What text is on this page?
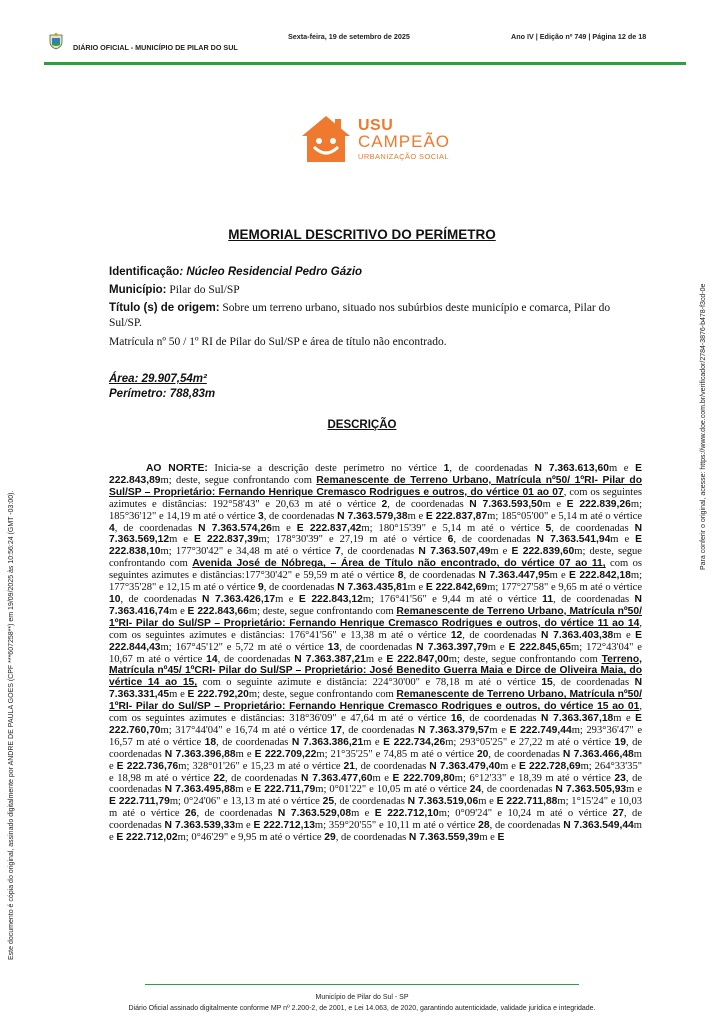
DIÁRIO OFICIAL - MUNICÍPIO DE PILAR DO SUL
Sexta-feira, 19 de setembro de 2025	Ano IV | Edição nº 749 | Página 12 de 18
USU
CAMPEÃO
URBANIZAÇÃO SOCIAL
MEMORIAL DESCRITIVO DO PERÍMETRO
Identificação: Núcleo Residencial Pedro Gázio
Município: Pilar do Sul/SP
Título (s) de origem: Sobre um terreno urbano, situado nos subúrbios deste município e comarca, Pilar do Sul/SP.
Matrícula nº 50 / 1º RI de Pilar do Sul/SP e área de título não encontrado.
Área: 29.907,54m²
Perímetro: 788,83m
DESCRIÇÃO
AO NORTE: Inicia-se a descrição deste perímetro no vértice 1, de coordenadas N 7.363.613,60m e E 222.843,89m; deste, segue confrontando com Remanescente de Terreno Urbano, Matrícula nº50/ 1ºRI- Pilar do Sul/SP – Proprietário: Fernando Henrique Cremasco Rodrigues e outros, do vértice 01 ao 07, com os seguintes azimutes e distâncias: 192°58'43" e 20,63 m até o vértice 2, de coordenadas N 7.363.593,50m e E 222.839,26m; 185°36'12" e 14,19 m até o vértice 3, de coordenadas N 7.363.579,38m e E 222.837,87m; 185°05'00" e 5,14 m até o vértice 4, de coordenadas N 7.363.574,26m e E 222.837,42m; 180°15'39" e 5,14 m até o vértice 5, de coordenadas N 7.363.569,12m e E 222.837,39m; 178°30'39" e 27,19 m até o vértice 6, de coordenadas N 7.363.541,94m e E 222.838,10m; 177°30'42" e 34,48 m até o vértice 7, de coordenadas N 7.363.507,49m e E 222.839,60m; deste, segue confrontando com Avenida José de Nóbrega, – Área de Título não encontrado, do vértice 07 ao 11, com os seguintes azimutes e distâncias:177°30'42" e 59,59 m até o vértice 8, de coordenadas N 7.363.447,95m e E 222.842,18m; 177°35'28" e 12,15 m até o vértice 9, de coordenadas N 7.363.435,81m e E 222.842,69m; 177°27'58" e 9,65 m até o vértice 10, de coordenadas N 7.363.426,17m e E 222.843,12m; 176°41'56" e 9,44 m até o vértice 11, de coordenadas N 7.363.416,74m e E 222.843,66m; deste, segue confrontando com Remanescente de Terreno Urbano, Matrícula nº50/ 1ºRI- Pilar do Sul/SP – Proprietário: Fernando Henrique Cremasco Rodrigues e outros, do vértice 11 ao 14, com os seguintes azimutes e distâncias: 176°41'56" e 13,38 m até o vértice 12, de coordenadas N 7.363.403,38m e E 222.844,43m; 167°45'12" e 5,72 m até o vértice 13, de coordenadas N 7.363.397,79m e E 222.845,65m; 172°43'04" e 10,67 m até o vértice 14, de coordenadas N 7.363.387,21m e E 222.847,00m; deste, segue confrontando com Terreno, Matrícula nº45/ 1ºCRI- Pilar do Sul/SP – Proprietário: José Benedito Guerra Maia e Dirce de Oliveira Maia, do vértice 14 ao 15, com o seguinte azimute e distância: 224°30'00" e 78,18 m até o vértice 15, de coordenadas N 7.363.331,45m e E 222.792,20m; deste, segue confrontando com Remanescente de Terreno Urbano, Matrícula nº50/ 1ºRI- Pilar do Sul/SP – Proprietário: Fernando Henrique Cremasco Rodrigues e outros, do vértice 15 ao 01, com os seguintes azimutes e distâncias: 318°36'09" e 47,64 m até o vértice 16, de coordenadas N 7.363.367,18m e E 222.760,70m; 317°44'04" e 16,74 m até o vértice 17, de coordenadas N 7.363.379,57m e E 222.749,44m; 293°36'47" e 16,57 m até o vértice 18, de coordenadas N 7.363.386,21m e E 222.734,26m; 293°05'25" e 27,22 m até o vértice 19, de coordenadas N 7.363.396,88m e E 222.709,22m; 21°35'25" e 74,85 m até o vértice 20, de coordenadas N 7.363.466,48m e E 222.736,76m; 328°01'26" e 15,23 m até o vértice 21, de coordenadas N 7.363.479,40m e E 222.728,69m; 264°33'35" e 18,98 m até o vértice 22, de coordenadas N 7.363.477,60m e E 222.709,80m; 6°12'33" e 18,39 m até o vértice 23, de coordenadas N 7.363.495,88m e E 222.711,79m; 0°01'22" e 10,05 m até o vértice 24, de coordenadas N 7.363.505,93m e E 222.711,79m; 0°24'06" e 13,13 m até o vértice 25, de coordenadas N 7.363.519,06m e E 222.711,88m; 1°15'24" e 10,03 m até o vértice 26, de coordenadas N 7.363.529,08m e E 222.712,10m; 0°09'24" e 10,24 m até o vértice 27, de coordenadas N 7.363.539,33m e E 222.712,13m; 359°20'55" e 10,11 m até o vértice 28, de coordenadas N 7.363.549,44m e E 222.712,02m; 0°46'29" e 9,95 m até o vértice 29, de coordenadas N 7.363.559,39m e E
Este documento é cópia do original, assinado digitalmente por ANDRE DE PAULA GOES (CPF ***607258**) em 19/09/2025 às 10:56:24 (GMT -03:00).
Para conferir o original, acesse: https://www.doe.com.br/verificador/2784-3876-b478-f3cd-0e
Município de Pilar do Sul - SP
Diário Oficial assinado digitalmente conforme MP nº 2.200-2, de 2001, e Lei 14.063, de 2020, garantindo autenticidade, validade jurídica e integridade.
